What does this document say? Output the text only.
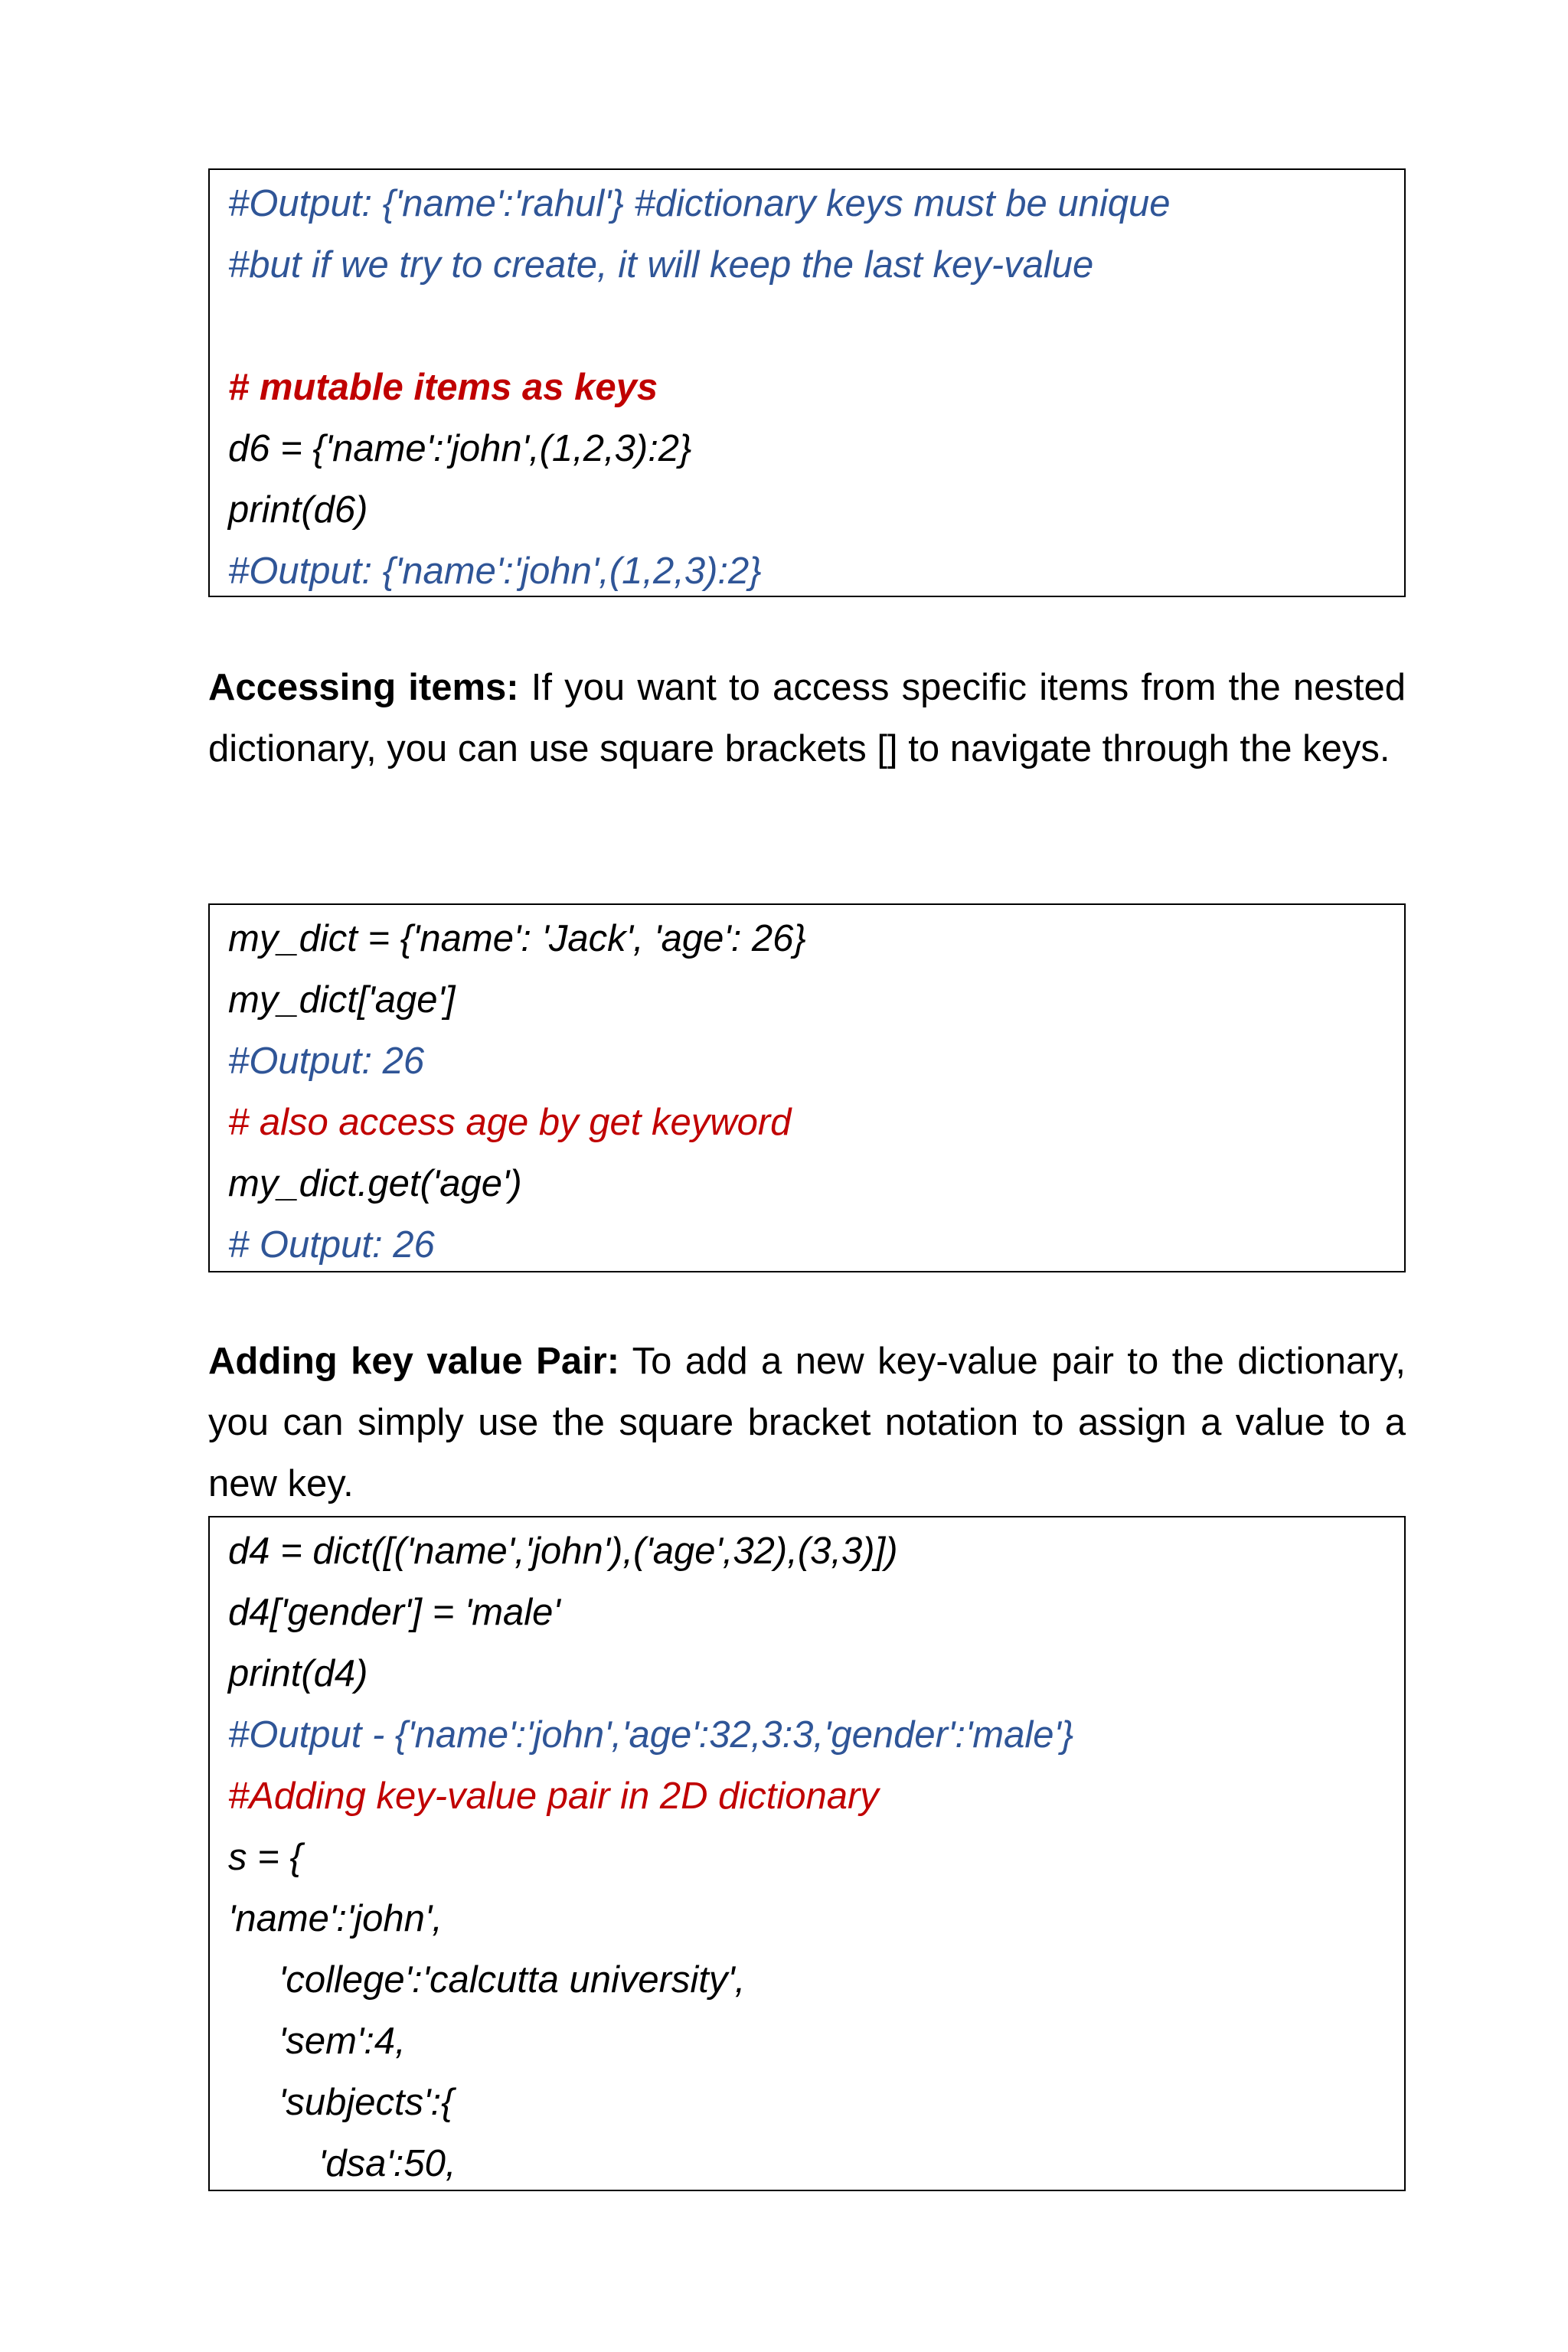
#Output: {'name':'rahul'} #dictionary keys must be unique
#but if we try to create, it will keep the last key-value
# mutable items as keys
d6 = {'name':'john',(1,2,3):2}
print(d6)
#Output: {'name':'john',(1,2,3):2}
Accessing items: If you want to access specific items from the nested dictionary, you can use square brackets [] to navigate through the keys.
my_dict = {'name': 'Jack', 'age': 26}
my_dict['age']
#Output: 26
# also access age by get keyword
my_dict.get('age')
# Output: 26
Adding key value Pair: To add a new key-value pair to the dictionary, you can simply use the square bracket notation to assign a value to a new key.
d4 = dict([('name','john'),('age',32),(3,3)])
d4['gender'] = 'male'
print(d4)
#Output - {'name':'john','age':32,3:3,'gender':'male'}
#Adding key-value pair in 2D dictionary
s = {
'name':'john',
'college':'calcutta university',
'sem':4,
'subjects':{
'dsa':50,
